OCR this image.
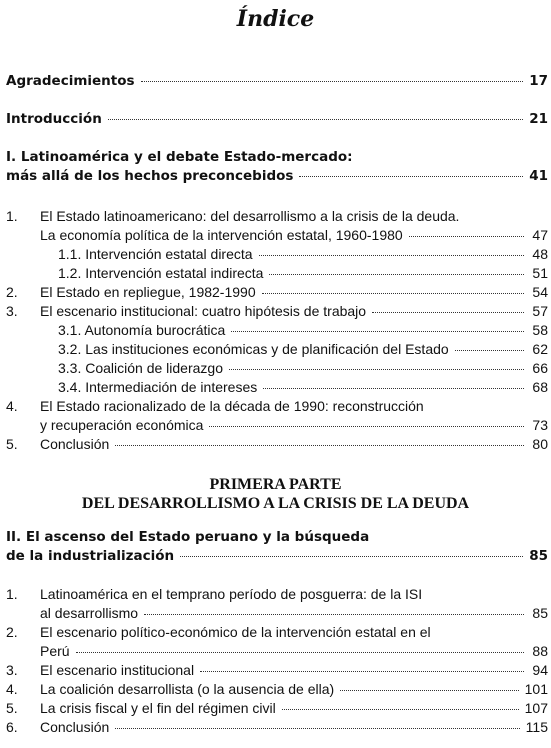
Índice
Agradecimientos	17
Introducción	21
I. Latinoamérica y el debate Estado-mercado:
más allá de los hechos preconcebidos	41
1. El Estado latinoamericano: del desarrollismo a la crisis de la deuda.
La economía política de la intervención estatal, 1960-1980	47
1.1. Intervención estatal directa	48
1.2. Intervención estatal indirecta	51
2. El Estado en repliegue, 1982-1990	54
3. El escenario institucional: cuatro hipótesis de trabajo	57
3.1. Autonomía burocrática	58
3.2. Las instituciones económicas y de planificación del Estado	62
3.3. Coalición de liderazgo	66
3.4. Intermediación de intereses	68
4. El Estado racionalizado de la década de 1990: reconstrucción
y recuperación económica	73
5. Conclusión	80
PRIMERA PARTE
DEL DESARROLLISMO A LA CRISIS DE LA DEUDA
II. El ascenso del Estado peruano y la búsqueda
de la industrialización	85
1. Latinoamérica en el temprano período de posguerra: de la ISI
al desarrollismo	85
2. El escenario político-económico de la intervención estatal en el
Perú	88
3. El escenario institucional	94
4. La coalición desarrollista (o la ausencia de ella)	101
5. La crisis fiscal y el fin del régimen civil	107
6. Conclusión	115
